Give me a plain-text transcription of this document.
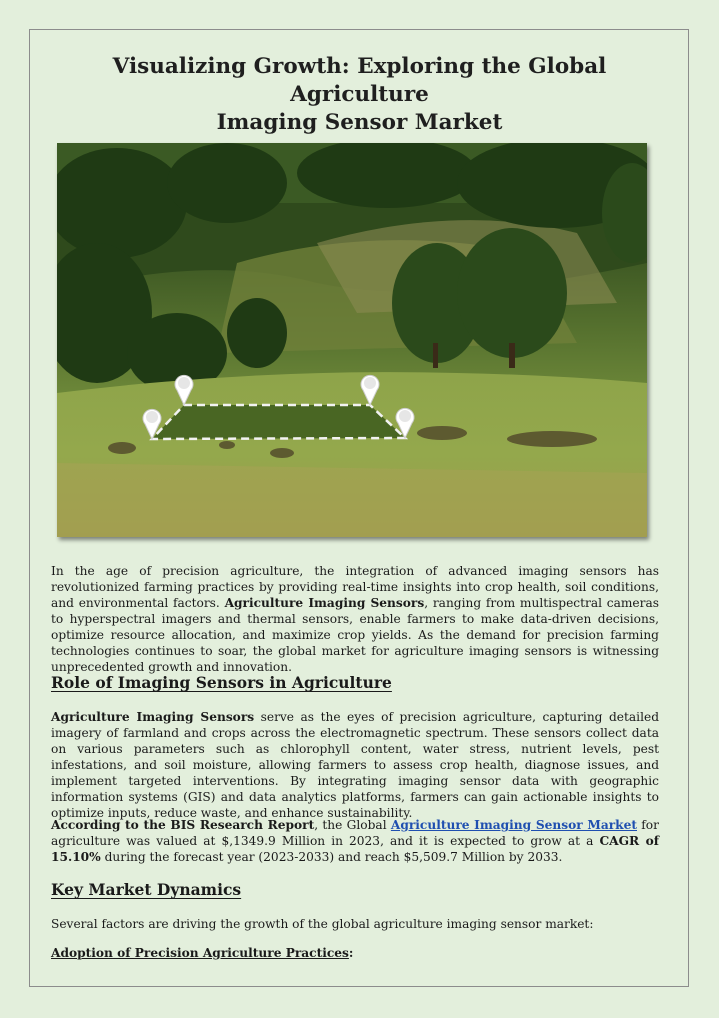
Visualizing Growth: Exploring the Global Agriculture
Imaging Sensor Market

In the age of precision agriculture, the integration of advanced imaging sensors has revolutionized farming practices by providing real-time insights into crop health, soil conditions, and environmental factors. Agriculture Imaging Sensors, ranging from multispectral cameras to hyperspectral imagers and thermal sensors, enable farmers to make data-driven decisions, optimize resource allocation, and maximize crop yields. As the demand for precision farming technologies continues to soar, the global market for agriculture imaging sensors is witnessing unprecedented growth and innovation.

Role of Imaging Sensors in Agriculture

Agriculture Imaging Sensors serve as the eyes of precision agriculture, capturing detailed imagery of farmland and crops across the electromagnetic spectrum. These sensors collect data on various parameters such as chlorophyll content, water stress, nutrient levels, pest infestations, and soil moisture, allowing farmers to assess crop health, diagnose issues, and implement targeted interventions. By integrating imaging sensor data with geographic information systems (GIS) and data analytics platforms, farmers can gain actionable insights to optimize inputs, reduce waste, and enhance sustainability.

According to the BIS Research Report, the Global Agriculture Imaging Sensor Market for agriculture was valued at $,1349.9 Million in 2023, and it is expected to grow at a CAGR of 15.10% during the forecast year (2023-2033) and reach $5,509.7 Million by 2033.

Key Market Dynamics

Several factors are driving the growth of the global agriculture imaging sensor market:

Adoption of Precision Agriculture Practices:
